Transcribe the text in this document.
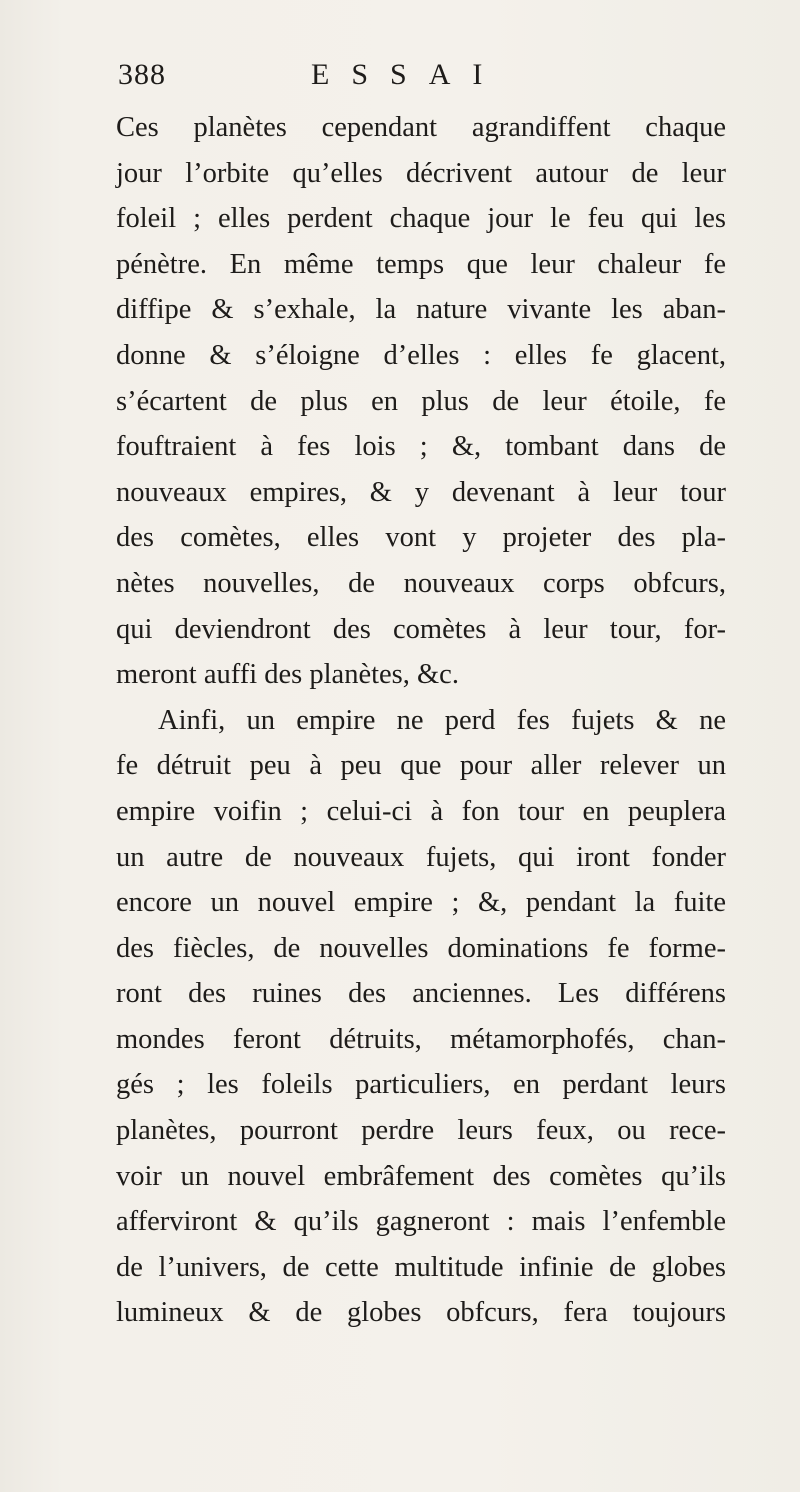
388	ESSAI
Ces planètes cependant agrandiffent chaque
jour l’orbite qu’elles décrivent autour de leur
foleil ; elles perdent chaque jour le feu qui les
pénètre. En même temps que leur chaleur fe
diffipe & s’exhale, la nature vivante les aban-
donne & s’éloigne d’elles : elles fe glacent,
s’écartent de plus en plus de leur étoile, fe
fouftraient à fes lois ; &, tombant dans de
nouveaux empires, & y devenant à leur tour
des comètes, elles vont y projeter des pla-
nètes nouvelles, de nouveaux corps obfcurs,
qui deviendront des comètes à leur tour, for-
meront auffi des planètes, &c.
Ainfi, un empire ne perd fes fujets & ne
fe détruit peu à peu que pour aller relever un
empire voifin ; celui-ci à fon tour en peuplera
un autre de nouveaux fujets, qui iront fonder
encore un nouvel empire ; &, pendant la fuite
des fiècles, de nouvelles dominations fe forme-
ront des ruines des anciennes. Les différens
mondes feront détruits, métamorphofés, chan-
gés ; les foleils particuliers, en perdant leurs
planètes, pourront perdre leurs feux, ou rece-
voir un nouvel embrâfement des comètes qu’ils
afferviront & qu’ils gagneront : mais l’enfemble
de l’univers, de cette multitude infinie de globes
lumineux & de globes obfcurs, fera toujours
